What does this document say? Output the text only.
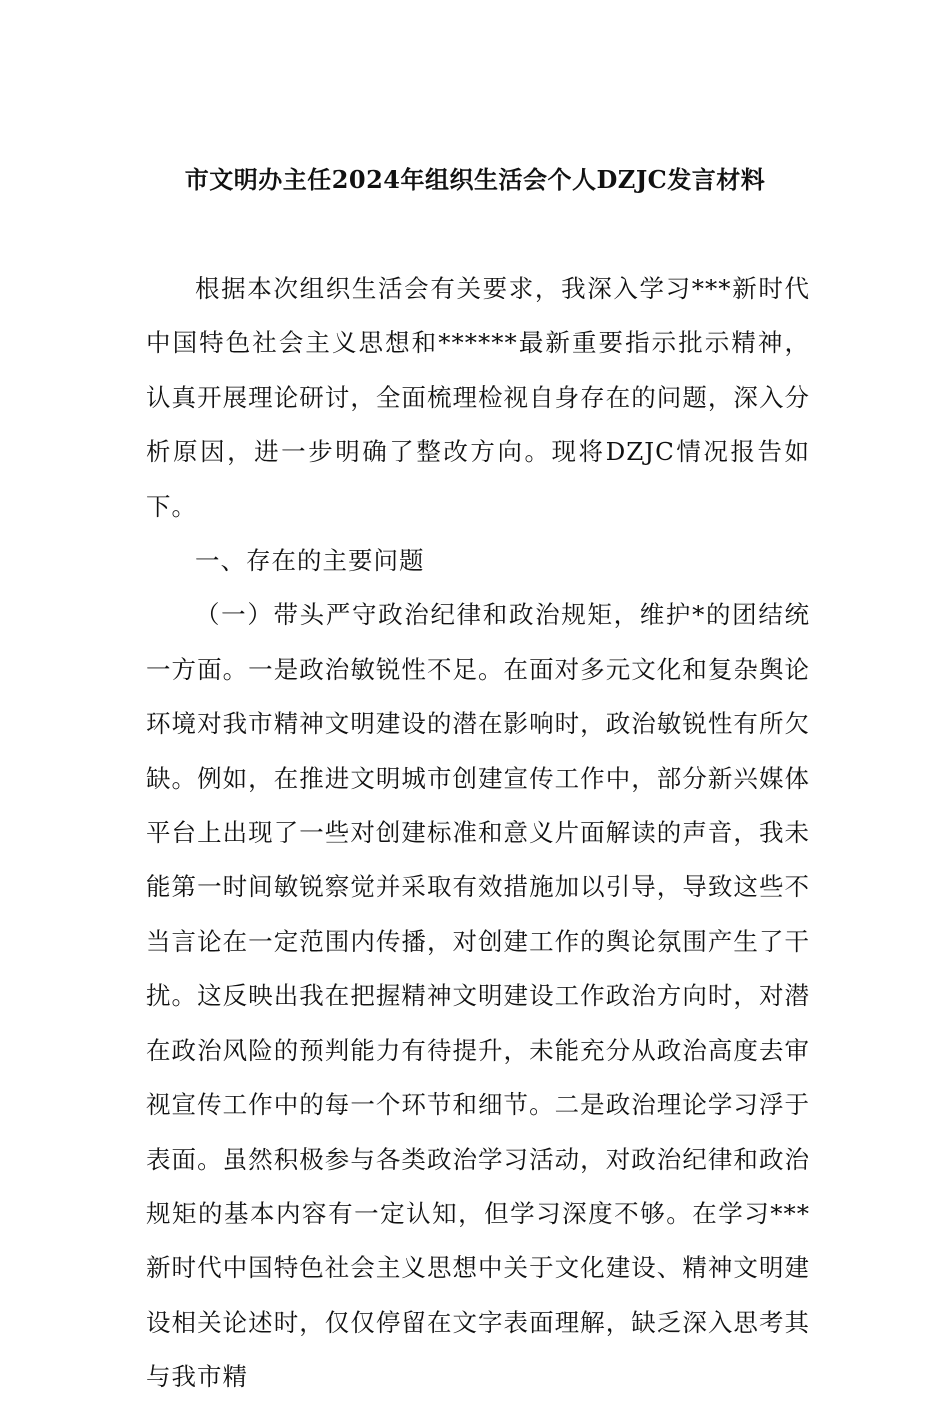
市文明办主任2024年组织生活会个人DZJC发言材料

根据本次组织生活会有关要求，我深入学习***新时代中国特色社会主义思想和******最新重要指示批示精神，认真开展理论研讨，全面梳理检视自身存在的问题，深入分析原因，进一步明确了整改方向。现将DZJC情况报告如下。

一、存在的主要问题

（一）带头严守政治纪律和政治规矩，维护*的团结统一方面。一是政治敏锐性不足。在面对多元文化和复杂舆论环境对我市精神文明建设的潜在影响时，政治敏锐性有所欠缺。例如，在推进文明城市创建宣传工作中，部分新兴媒体平台上出现了一些对创建标准和意义片面解读的声音，我未能第一时间敏锐察觉并采取有效措施加以引导，导致这些不当言论在一定范围内传播，对创建工作的舆论氛围产生了干扰。这反映出我在把握精神文明建设工作政治方向时，对潜在政治风险的预判能力有待提升，未能充分从政治高度去审视宣传工作中的每一个环节和细节。二是政治理论学习浮于表面。虽然积极参与各类政治学习活动，对政治纪律和政治规矩的基本内容有一定认知，但学习深度不够。在学习***新时代中国特色社会主义思想中关于文化建设、精神文明建设相关论述时，仅仅停留在文字表面理解，缺乏深入思考其与我市精
